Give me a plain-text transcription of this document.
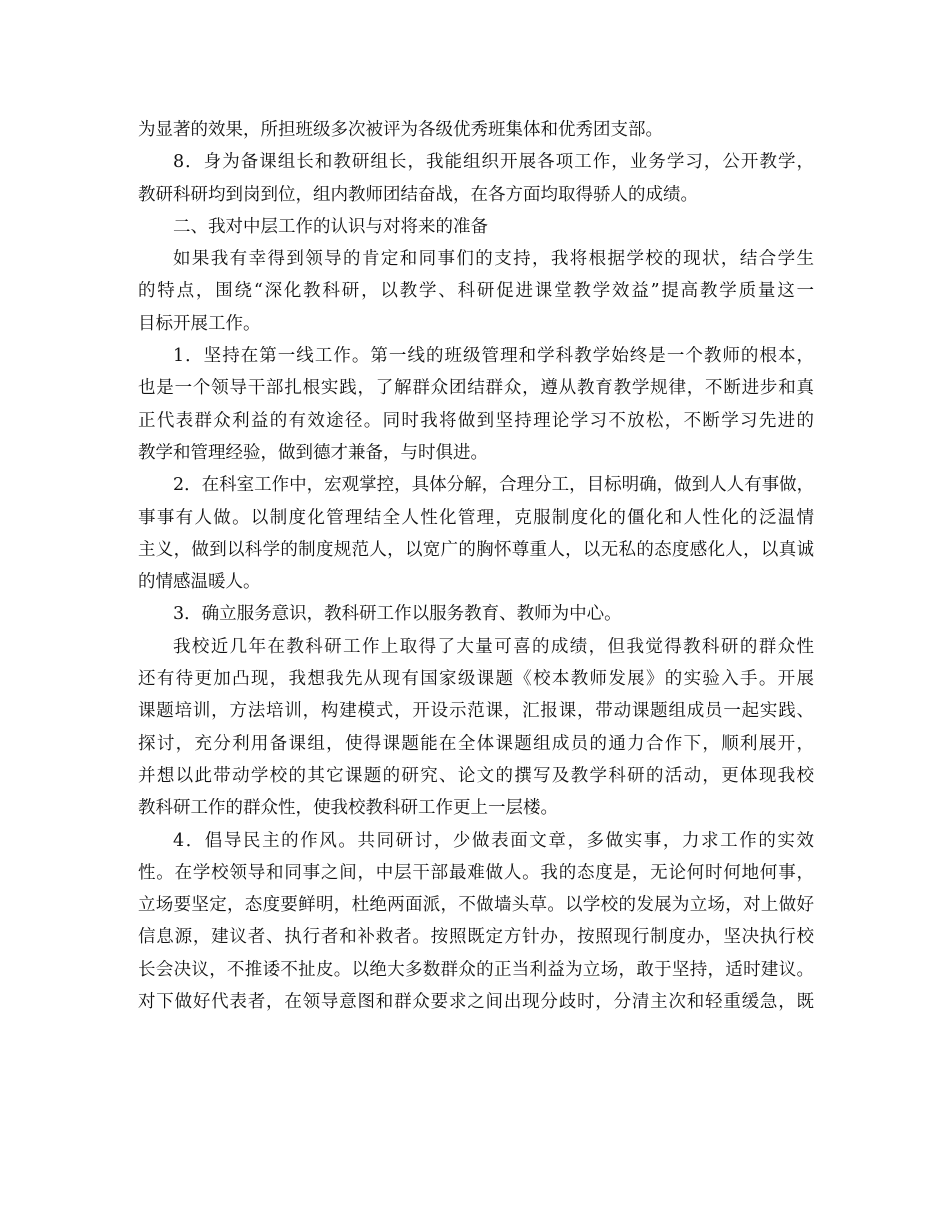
为显著的效果，所担班级多次被评为各级优秀班集体和优秀团支部。
8．身为备课组长和教研组长，我能组织开展各项工作，业务学习，公开教学，
教研科研均到岗到位，组内教师团结奋战，在各方面均取得骄人的成绩。
二、我对中层工作的认识与对将来的准备
如果我有幸得到领导的肯定和同事们的支持，我将根据学校的现状，结合学生
的特点，围绕“深化教科研，以教学、科研促进课堂教学效益”提高教学质量这一
目标开展工作。
1．坚持在第一线工作。第一线的班级管理和学科教学始终是一个教师的根本，
也是一个领导干部扎根实践，了解群众团结群众，遵从教育教学规律，不断进步和真
正代表群众利益的有效途径。同时我将做到坚持理论学习不放松，不断学习先进的
教学和管理经验，做到德才兼备，与时俱进。
2．在科室工作中，宏观掌控，具体分解，合理分工，目标明确，做到人人有事做，
事事有人做。以制度化管理结全人性化管理，克服制度化的僵化和人性化的泛温情
主义，做到以科学的制度规范人，以宽广的胸怀尊重人，以无私的态度感化人，以真诚
的情感温暖人。
3．确立服务意识，教科研工作以服务教育、教师为中心。
我校近几年在教科研工作上取得了大量可喜的成绩，但我觉得教科研的群众性
还有待更加凸现，我想我先从现有国家级课题《校本教师发展》的实验入手。开展
课题培训，方法培训，构建模式，开设示范课，汇报课，带动课题组成员一起实践、
探讨，充分利用备课组，使得课题能在全体课题组成员的通力合作下，顺利展开，
并想以此带动学校的其它课题的研究、论文的撰写及教学科研的活动，更体现我校
教科研工作的群众性，使我校教科研工作更上一层楼。
4．倡导民主的作风。共同研讨，少做表面文章，多做实事，力求工作的实效
性。在学校领导和同事之间，中层干部最难做人。我的态度是，无论何时何地何事，
立场要坚定，态度要鲜明，杜绝两面派，不做墙头草。以学校的发展为立场，对上做好
信息源，建议者、执行者和补救者。按照既定方针办，按照现行制度办，坚决执行校
长会决议，不推诿不扯皮。以绝大多数群众的正当利益为立场，敢于坚持，适时建议。
对下做好代表者，在领导意图和群众要求之间出现分歧时，分清主次和轻重缓急，既
